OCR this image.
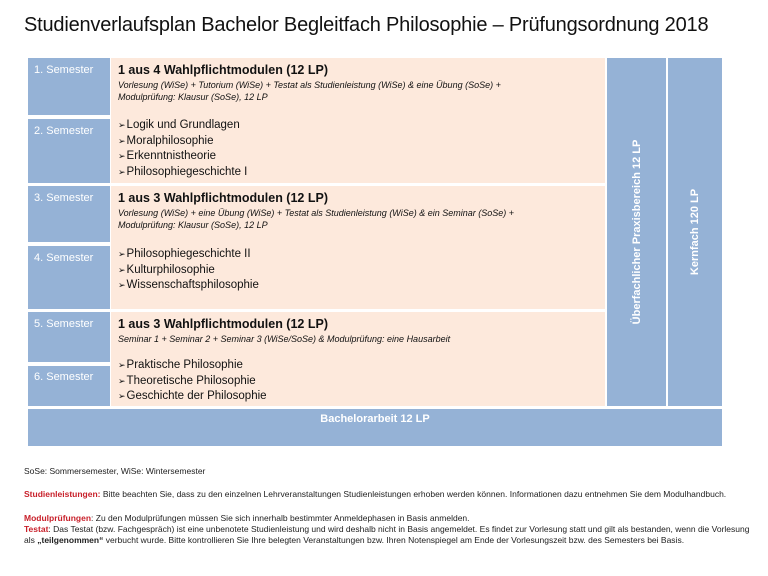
Studienverlaufsplan Bachelor Begleitfach Philosophie – Prüfungsordnung 2018
1. Semester
2. Semester
3. Semester
4. Semester
5. Semester
6. Semester
1 aus 4 Wahlpflichtmodulen (12 LP)
Vorlesung (WiSe) + Tutorium (WiSe) + Testat als Studienleistung (WiSe) & eine Übung (SoSe) +
Modulprüfung: Klausur (SoSe), 12 LP
➢Logik und Grundlagen
➢Moralphilosophie
➢Erkenntnistheorie
➢Philosophiegeschichte I
1 aus 3 Wahlpflichtmodulen (12 LP)
Vorlesung (WiSe) + eine Übung (WiSe) + Testat als Studienleistung (WiSe) & ein Seminar (SoSe) +
Modulprüfung: Klausur (SoSe), 12 LP
➢Philosophiegeschichte II
➢Kulturphilosophie
➢Wissenschaftsphilosophie
1 aus 3 Wahlpflichtmodulen (12 LP)
Seminar 1 + Seminar 2 + Seminar 3 (WiSe/SoSe) & Modulprüfung: eine Hausarbeit
➢Praktische Philosophie
➢Theoretische Philosophie
➢Geschichte der Philosophie
Überfachlicher Praxisbereich 12 LP	Kernfach 120 LP
Bachelorarbeit 12 LP
SoSe: Sommersemester, WiSe: Wintersemester
Studienleistungen: Bitte beachten Sie, dass zu den einzelnen Lehrveranstaltungen Studienleistungen erhoben werden können. Informationen dazu entnehmen Sie dem Modulhandbuch.
Modulprüfungen: Zu den Modulprüfungen müssen Sie sich innerhalb bestimmter Anmeldephasen in Basis anmelden.
Testat: Das Testat (bzw. Fachgespräch) ist eine unbenotete Studienleistung und wird deshalb nicht in Basis angemeldet. Es findet zur Vorlesung statt und gilt als bestanden, wenn die Vorlesung als „teilgenommen“ verbucht wurde. Bitte kontrollieren Sie Ihre belegten Veranstaltungen bzw. Ihren Notenspiegel am Ende der Vorlesungszeit bzw. des Semesters bei Basis.
